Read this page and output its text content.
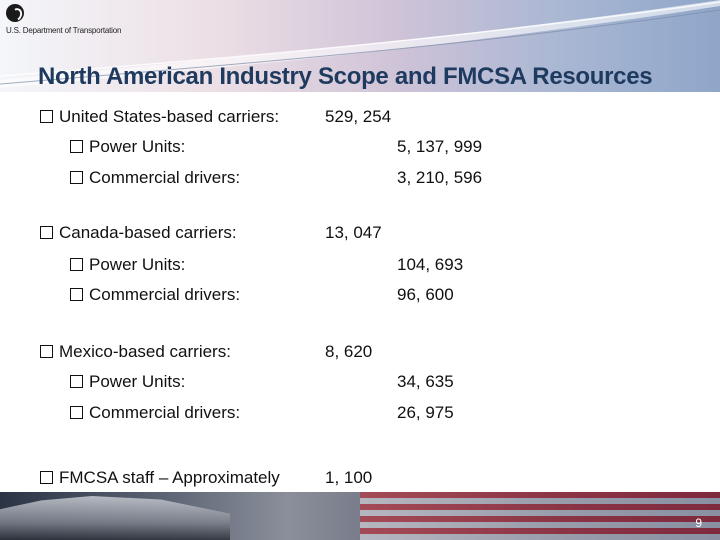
U.S. Department of Transportation
North American Industry Scope and FMCSA Resources
United States-based carriers:	529, 254
Power Units:	5, 137, 999
Commercial drivers:	3, 210, 596
Canada-based carriers:	13, 047
Power Units:	104, 693
Commercial drivers:	96, 600
Mexico-based carriers:	8, 620
Power Units:	34, 635
Commercial drivers:	26, 975
FMCSA staff – Approximately	1, 100
9
